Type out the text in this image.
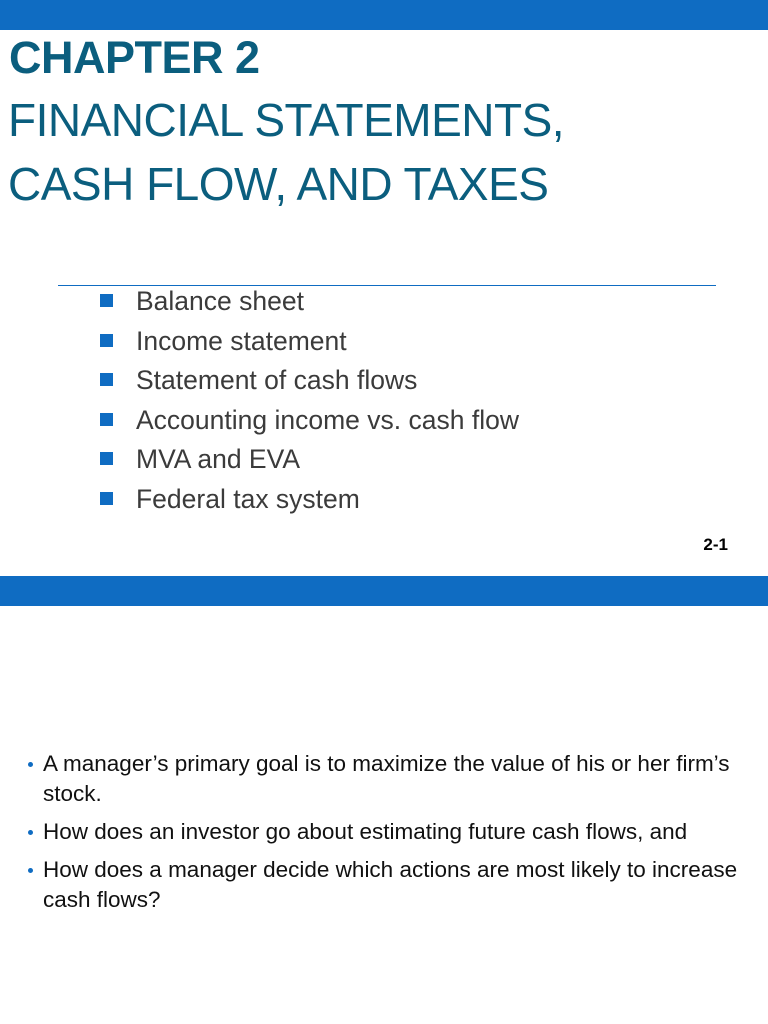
CHAPTER 2
FINANCIAL STATEMENTS,
CASH FLOW, AND TAXES
Balance sheet
Income statement
Statement of cash flows
Accounting income vs. cash flow
MVA and EVA
Federal tax system
2-1
A manager’s primary goal is to maximize the value of his or her firm’s stock.
How does an investor go about estimating future cash flows, and
How does a manager decide which actions are most likely to increase cash flows?
